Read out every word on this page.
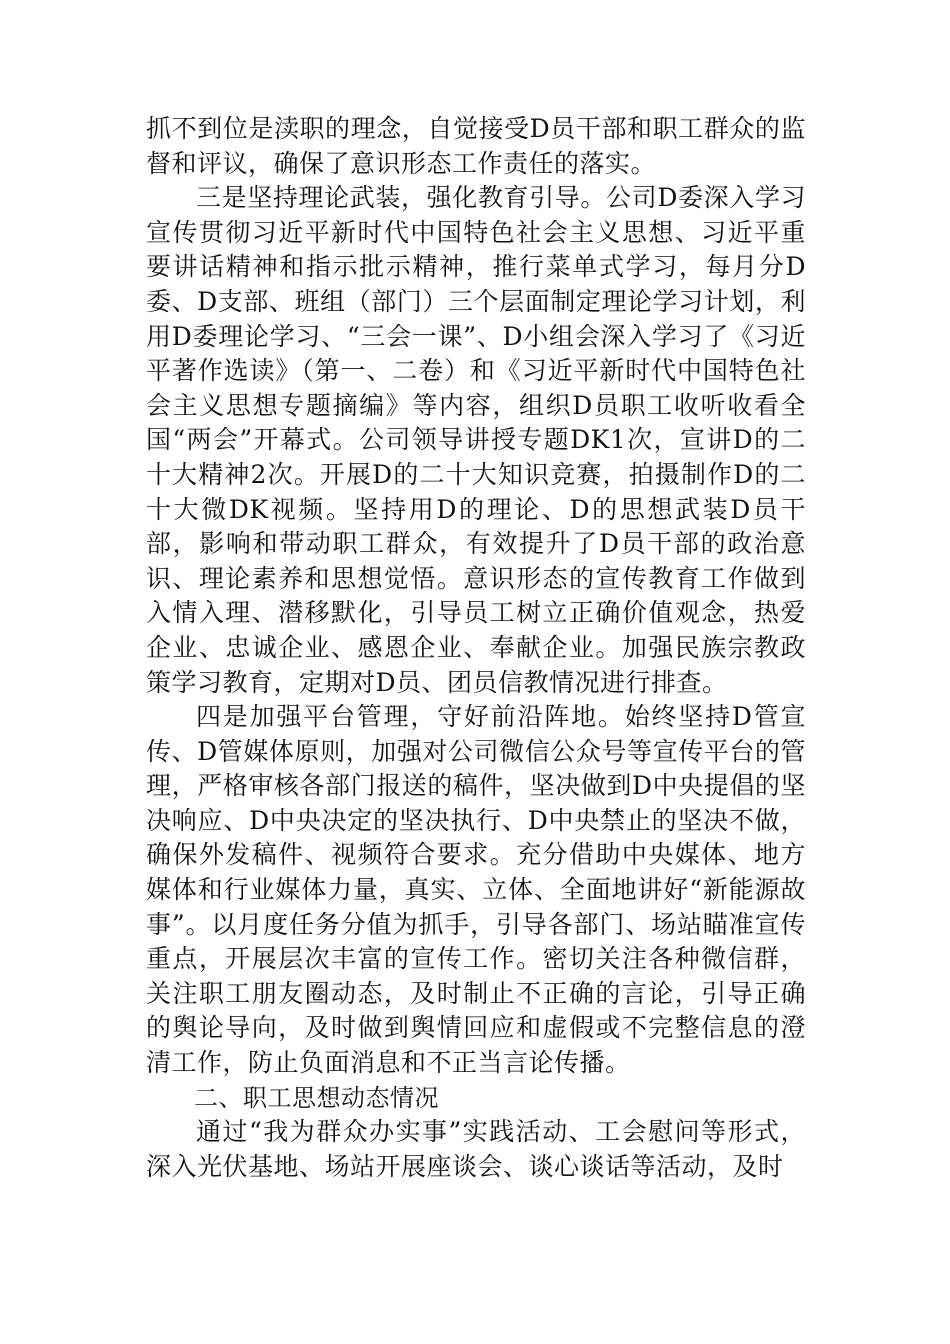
抓不到位是渎职的理念，自觉接受D员干部和职工群众的监督和评议，确保了意识形态工作责任的落实。

三是坚持理论武装，强化教育引导。公司D委深入学习宣传贯彻习近平新时代中国特色社会主义思想、习近平重要讲话精神和指示批示精神，推行菜单式学习，每月分D委、D支部、班组（部门）三个层面制定理论学习计划，利用D委理论学习、“三会一课”、D小组会深入学习了《习近平著作选读》（第一、二卷）和《习近平新时代中国特色社会主义思想专题摘编》等内容，组织D员职工收听收看全国“两会”开幕式。公司领导讲授专题DK1次，宣讲D的二十大精神2次。开展D的二十大知识竞赛，拍摄制作D的二十大微DK视频。坚持用D的理论、D的思想武装D员干部，影响和带动职工群众，有效提升了D员干部的政治意识、理论素养和思想觉悟。意识形态的宣传教育工作做到入情入理、潜移默化，引导员工树立正确价值观念，热爱企业、忠诚企业、感恩企业、奉献企业。加强民族宗教政策学习教育，定期对D员、团员信教情况进行排查。

四是加强平台管理，守好前沿阵地。始终坚持D管宣传、D管媒体原则，加强对公司微信公众号等宣传平台的管理，严格审核各部门报送的稿件，坚决做到D中央提倡的坚决响应、D中央决定的坚决执行、D中央禁止的坚决不做，确保外发稿件、视频符合要求。充分借助中央媒体、地方媒体和行业媒体力量，真实、立体、全面地讲好“新能源故事”。以月度任务分值为抓手，引导各部门、场站瞄准宣传重点，开展层次丰富的宣传工作。密切关注各种微信群，关注职工朋友圈动态，及时制止不正确的言论，引导正确的舆论导向，及时做到舆情回应和虚假或不完整信息的澄清工作，防止负面消息和不正当言论传播。

二、职工思想动态情况

通过“我为群众办实事”实践活动、工会慰问等形式，深入光伏基地、场站开展座谈会、谈心谈话等活动，及时
